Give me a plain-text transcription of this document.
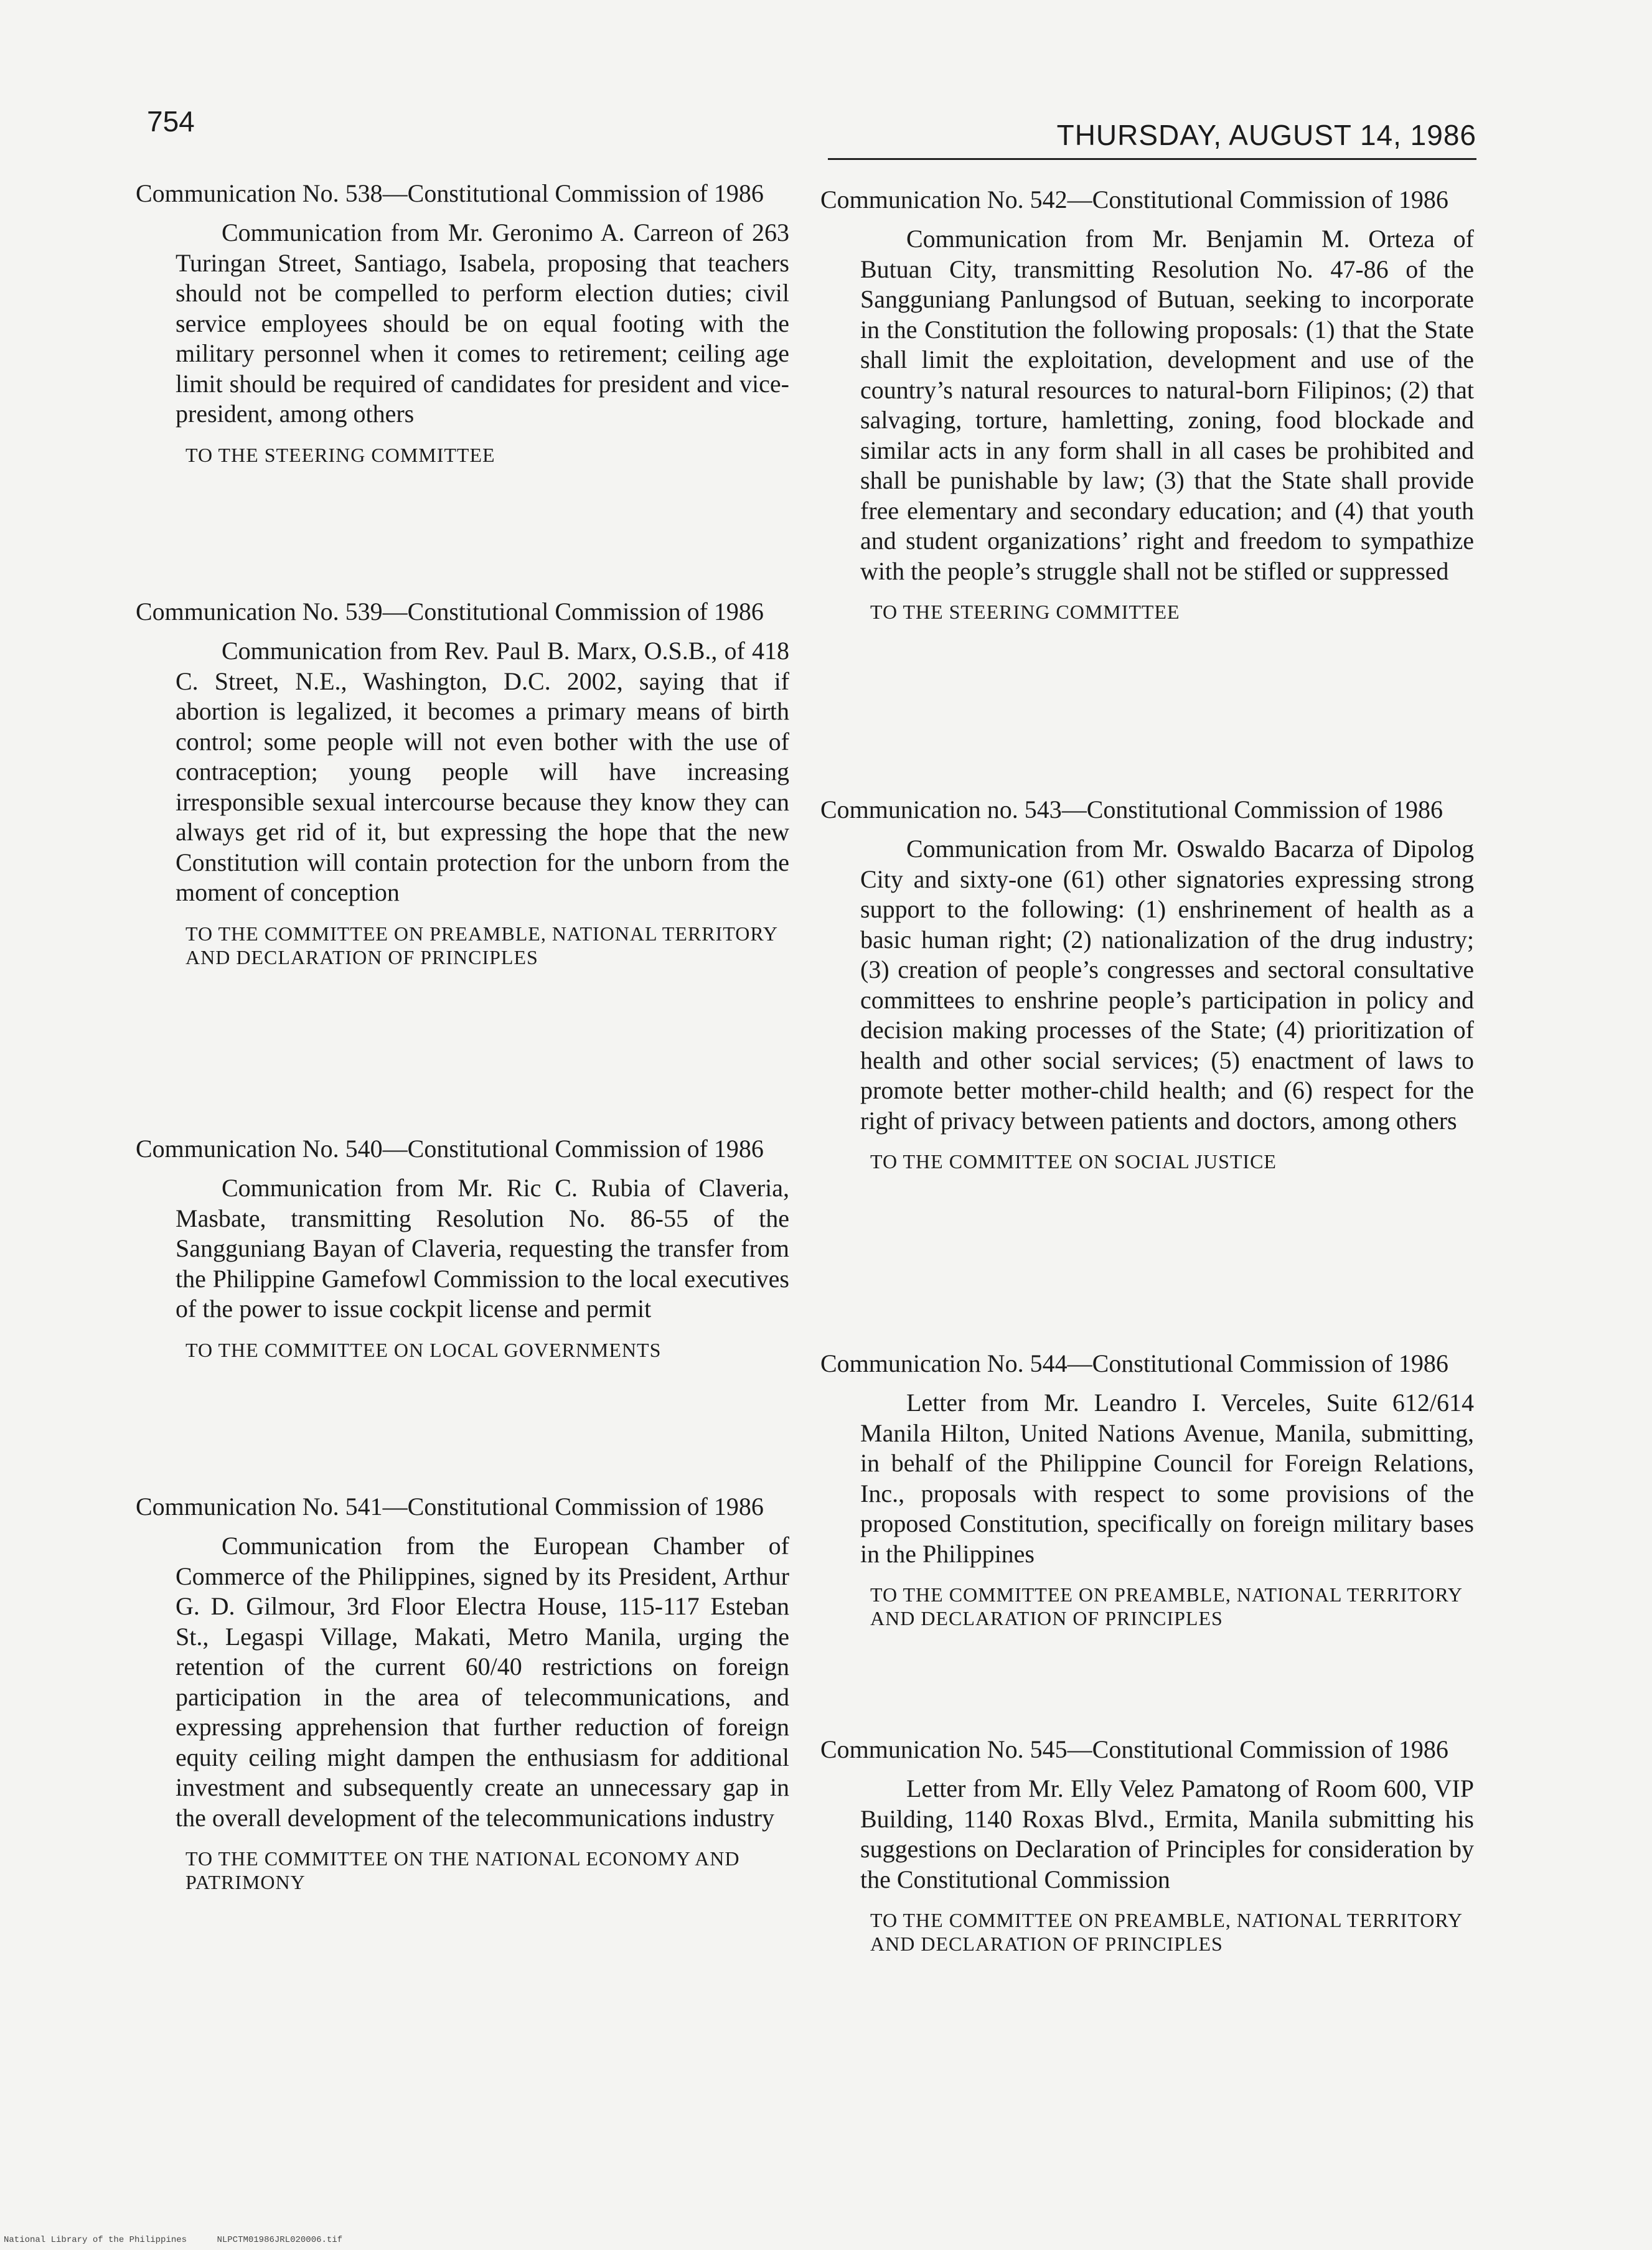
754	THURSDAY, AUGUST 14, 1986
Communication No. 538—Constitutional Commission of 1986

Communication from Mr. Geronimo A. Carreon of 263 Turingan Street, Santiago, Isabela, proposing that teachers should not be compelled to perform election duties; civil service employees should be on equal footing with the military personnel when it comes to retirement; ceiling age limit should be required of candidates for president and vice-president, among others

TO THE STEERING COMMITTEE

Communication No. 539—Constitutional Commission of 1986

Communication from Rev. Paul B. Marx, O.S.B., of 418 C. Street, N.E., Washington, D.C. 2002, saying that if abortion is legalized, it becomes a primary means of birth control; some people will not even bother with the use of contraception; young people will have increasing irresponsible sexual intercourse because they know they can always get rid of it, but expressing the hope that the new Constitution will contain protection for the unborn from the moment of conception

TO THE COMMITTEE ON PREAMBLE, NATIONAL TERRITORY AND DECLARATION OF PRINCIPLES

Communication No. 540—Constitutional Commission of 1986

Communication from Mr. Ric C. Rubia of Claveria, Masbate, transmitting Resolution No. 86-55 of the Sangguniang Bayan of Claveria, requesting the transfer from the Philippine Gamefowl Commission to the local executives of the power to issue cockpit license and permit

TO THE COMMITTEE ON LOCAL GOVERNMENTS

Communication No. 541—Constitutional Commission of 1986

Communication from the European Chamber of Commerce of the Philippines, signed by its President, Arthur G. D. Gilmour, 3rd Floor Electra House, 115-117 Esteban St., Legaspi Village, Makati, Metro Manila, urging the retention of the current 60/40 restrictions on foreign participation in the area of telecommunications, and expressing apprehension that further reduction of foreign equity ceiling might dampen the enthusiasm for additional investment and subsequently create an unnecessary gap in the overall development of the telecommunications industry

TO THE COMMITTEE ON THE NATIONAL ECONOMY AND PATRIMONY

Communication No. 542—Constitutional Commission of 1986

Communication from Mr. Benjamin M. Orteza of Butuan City, transmitting Resolution No. 47-86 of the Sangguniang Panlungsod of Butuan, seeking to incorporate in the Constitution the following proposals: (1) that the State shall limit the exploitation, development and use of the country’s natural resources to natural-born Filipinos; (2) that salvaging, torture, hamletting, zoning, food blockade and similar acts in any form shall in all cases be prohibited and shall be punishable by law; (3) that the State shall provide free elementary and secondary education; and (4) that youth and student organizations’ right and freedom to sympathize with the people’s struggle shall not be stifled or suppressed

TO THE STEERING COMMITTEE

Communication no. 543—Constitutional Commission of 1986

Communication from Mr. Oswaldo Bacarza of Dipolog City and sixty-one (61) other signatories expressing strong support to the following: (1) enshrinement of health as a basic human right; (2) nationalization of the drug industry; (3) creation of people’s congresses and sectoral consultative committees to enshrine people’s participation in policy and decision making processes of the State; (4) prioritization of health and other social services; (5) enactment of laws to promote better mother-child health; and (6) respect for the right of privacy between patients and doctors, among others

TO THE COMMITTEE ON SOCIAL JUSTICE

Communication No. 544—Constitutional Commission of 1986

Letter from Mr. Leandro I. Verceles, Suite 612/614 Manila Hilton, United Nations Avenue, Manila, submitting, in behalf of the Philippine Council for Foreign Relations, Inc., proposals with respect to some provisions of the proposed Constitution, specifically on foreign military bases in the Philippines

TO THE COMMITTEE ON PREAMBLE, NATIONAL TERRITORY AND DECLARATION OF PRINCIPLES

Communication No. 545—Constitutional Commission of 1986

Letter from Mr. Elly Velez Pamatong of Room 600, VIP Building, 1140 Roxas Blvd., Ermita, Manila submitting his suggestions on Declaration of Principles for consideration by the Constitutional Commission

TO THE COMMITTEE ON PREAMBLE, NATIONAL TERRITORY AND DECLARATION OF PRINCIPLES

National Library of the Philippines	NLPCTM01986JRL020006.tif
